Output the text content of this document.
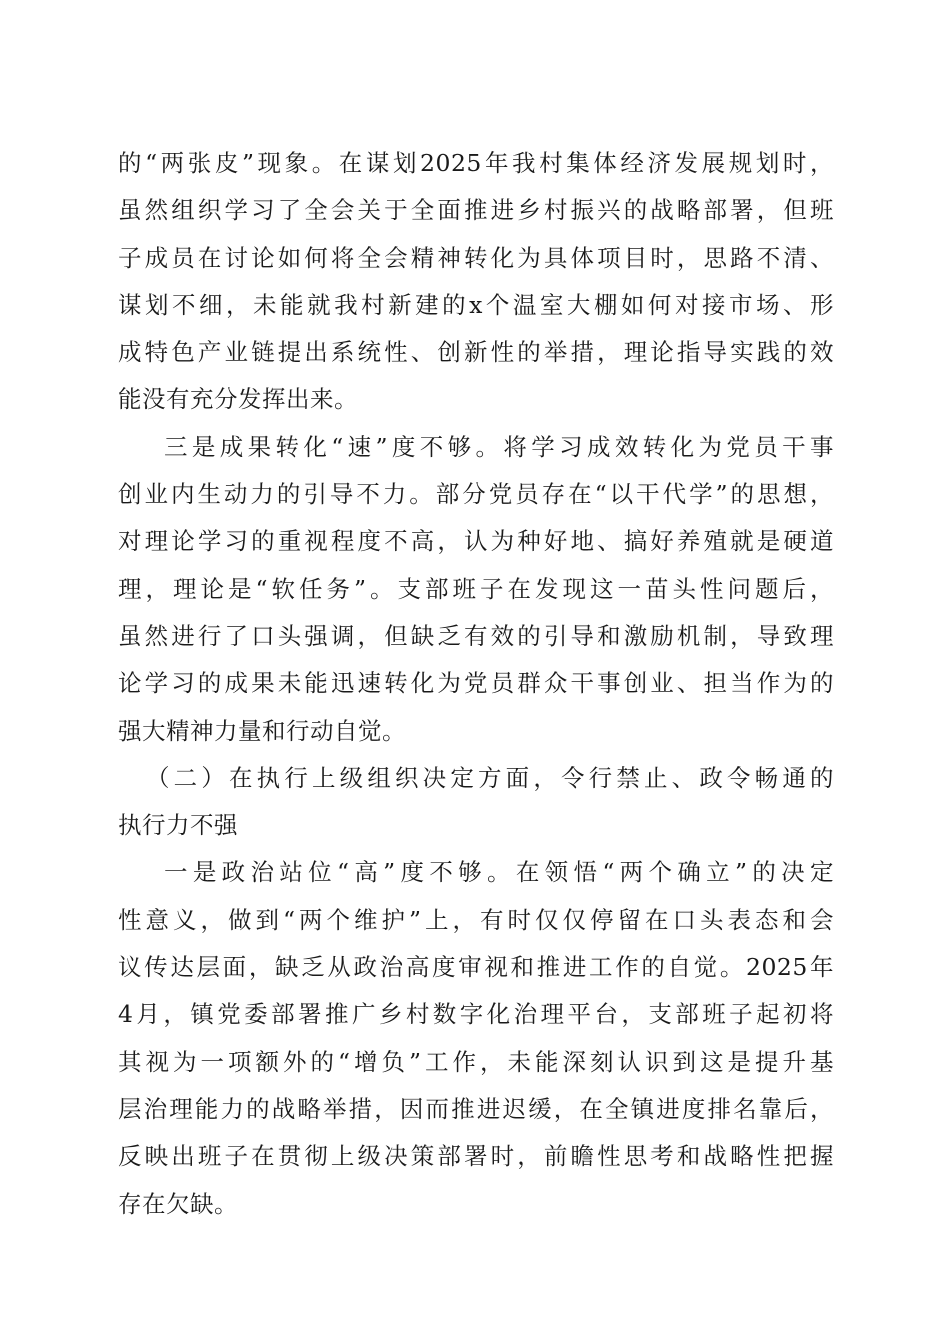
的“两张皮”现象。在谋划2025年我村集体经济发展规划时，
虽然组织学习了全会关于全面推进乡村振兴的战略部署，但班
子成员在讨论如何将全会精神转化为具体项目时，思路不清、
谋划不细，未能就我村新建的x个温室大棚如何对接市场、形
成特色产业链提出系统性、创新性的举措，理论指导实践的效
能没有充分发挥出来。
三是成果转化“速”度不够。将学习成效转化为党员干事
创业内生动力的引导不力。部分党员存在“以干代学”的思想，
对理论学习的重视程度不高，认为种好地、搞好养殖就是硬道
理，理论是“软任务”。支部班子在发现这一苗头性问题后，
虽然进行了口头强调，但缺乏有效的引导和激励机制，导致理
论学习的成果未能迅速转化为党员群众干事创业、担当作为的
强大精神力量和行动自觉。
（二）在执行上级组织决定方面，令行禁止、政令畅通的
执行力不强
一是政治站位“高”度不够。在领悟“两个确立”的决定
性意义，做到“两个维护”上，有时仅仅停留在口头表态和会
议传达层面，缺乏从政治高度审视和推进工作的自觉。2025年
4月，镇党委部署推广乡村数字化治理平台，支部班子起初将
其视为一项额外的“增负”工作，未能深刻认识到这是提升基
层治理能力的战略举措，因而推进迟缓，在全镇进度排名靠后，
反映出班子在贯彻上级决策部署时，前瞻性思考和战略性把握
存在欠缺。
